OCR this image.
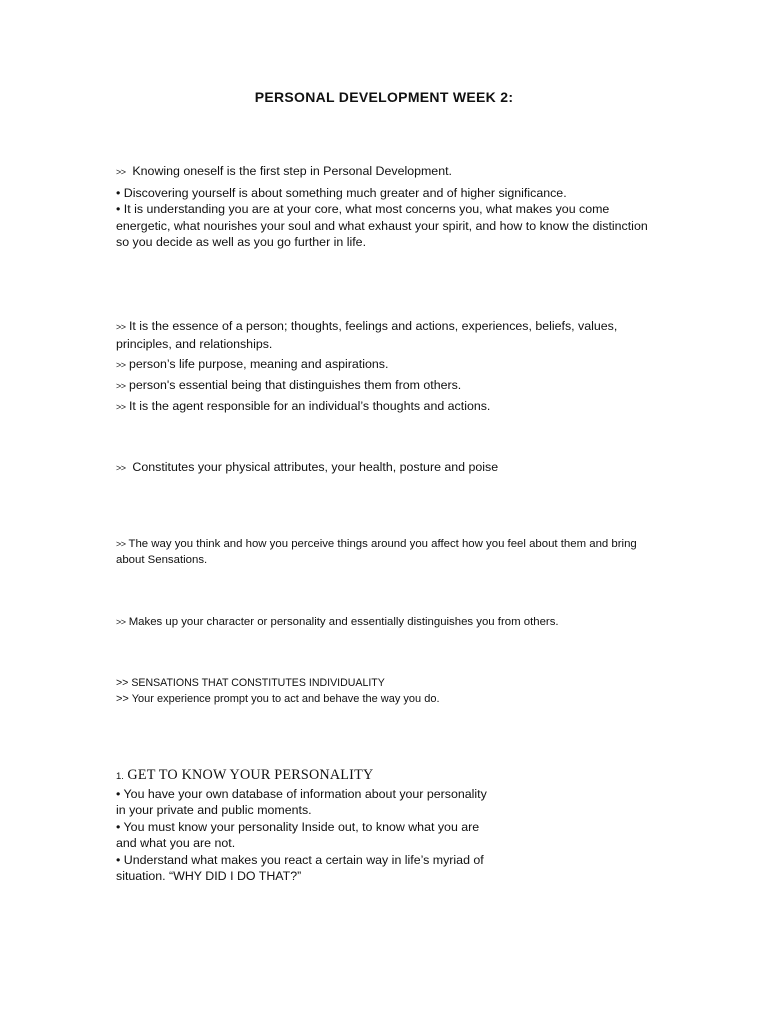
PERSONAL DEVELOPMENT WEEK 2:

>> Knowing oneself is the first step in Personal Development.

• Discovering yourself is about something much greater and of higher significance.

• It is understanding you are at your core, what most concerns you, what makes you come energetic, what nourishes your soul and what exhaust your spirit, and how to know the distinction so you decide as well as you go further in life.

>> It is the essence of a person; thoughts, feelings and actions, experiences, beliefs, values, principles, and relationships.

>> person’s life purpose, meaning and aspirations.

>> person's essential being that distinguishes them from others.

>> It is the agent responsible for an individual’s thoughts and actions.

>> Constitutes your physical attributes, your health, posture and poise

>> The way you think and how you perceive things around you affect how you feel about them and bring about Sensations.

>> Makes up your character or personality and essentially distinguishes you from others.

>> SENSATIONS THAT CONSTITUTES INDIVIDUALITY

>> Your experience prompt you to act and behave the way you do.

1. GET TO KNOW YOUR PERSONALITY

• You have your own database of information about your personality

in your private and public moments.

• You must know your personality Inside out, to know what you are

and what you are not.

• Understand what makes you react a certain way in life’s myriad of

situation. “WHY DID I DO THAT?”
